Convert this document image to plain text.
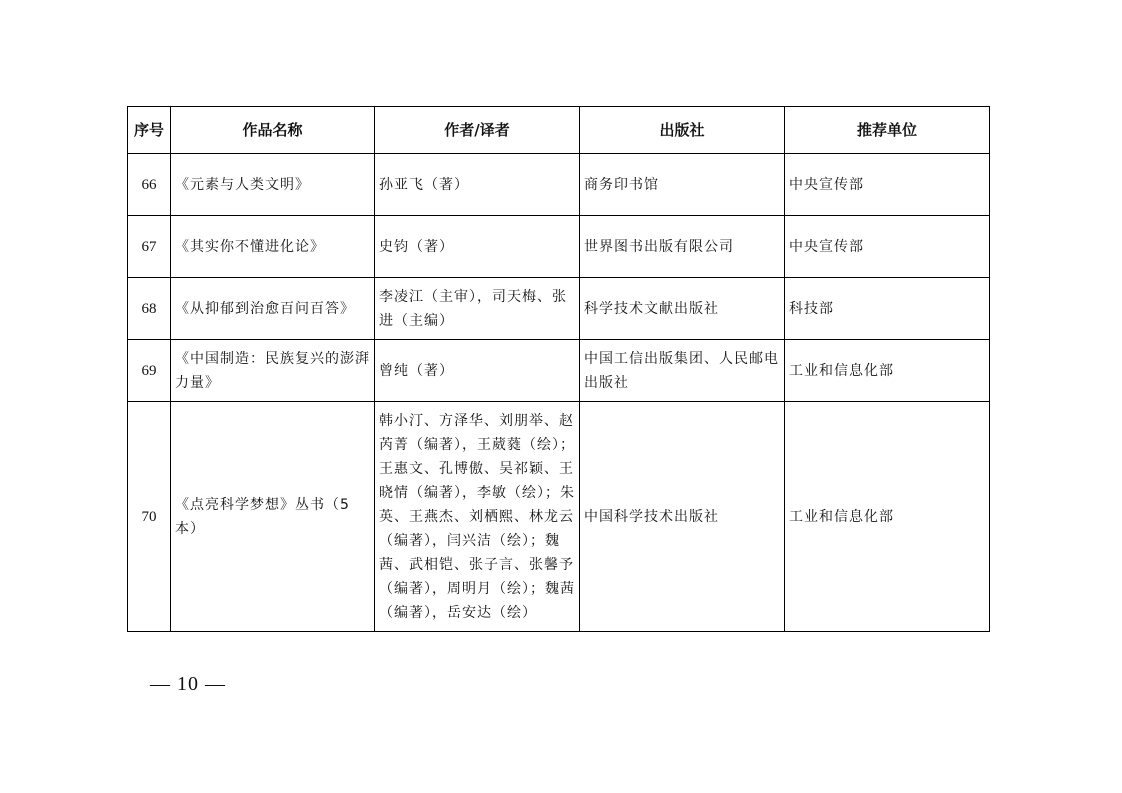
序号	作品名称	作者/译者	出版社	推荐单位
66	《元素与人类文明》	孙亚飞（著）	商务印书馆	中央宣传部
67	《其实你不懂进化论》	史钧（著）	世界图书出版有限公司	中央宣传部
68	《从抑郁到治愈百问百答》	李凌江（主审），司天梅、张进（主编）	科学技术文献出版社	科技部
69	《中国制造：民族复兴的澎湃力量》	曾纯（著）	中国工信出版集团、人民邮电出版社	工业和信息化部
70	《点亮科学梦想》丛书（5本）	韩小汀、方泽华、刘朋举、赵芮菁（编著），王葳蕤（绘）；王惠文、孔博傲、吴祁颖、王晓情（编著），李敏（绘）；朱英、王燕杰、刘栖熙、林龙云（编著），闫兴洁（绘）；魏茜、武相铠、张子言、张馨予（编著），周明月（绘）；魏茜（编著），岳安达（绘）	中国科学技术出版社	工业和信息化部
— 10 —
